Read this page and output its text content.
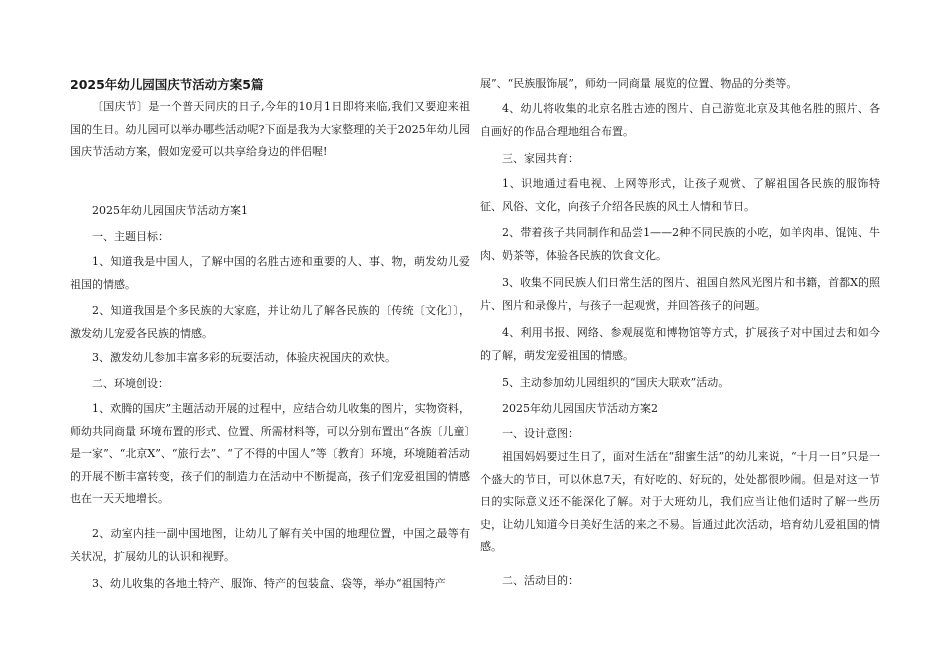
2025年幼儿园国庆节活动方案5篇

〔国庆节〕是一个普天同庆的日子,今年的10月1日即将来临,我们又要迎来祖国的生日。幼儿园可以举办哪些活动呢?下面是我为大家整理的关于2025年幼儿园国庆节活动方案，假如宠爱可以共享给身边的伴侣喔!

2025年幼儿园国庆节活动方案1

一、主题目标：

1、知道我是中国人，了解中国的名胜古迹和重要的人、事、物，萌发幼儿爱祖国的情感。

2、知道我国是个多民族的大家庭，并让幼儿了解各民族的〔传统〔文化〕〕，激发幼儿宠爱各民族的情感。

3、激发幼儿参加丰富多彩的玩耍活动，体验庆祝国庆的欢快。

二、环境创设：

1、欢腾的国庆”主题活动开展的过程中，应结合幼儿收集的图片，实物资料，师幼共同商量 环境布置的形式、位置、所需材料等，可以分别布置出“各族〔儿童〕是一家”、“北京X”、“旅行去”、“了不得的中国人”等〔教育〕环境，环境随着活动的开展不断丰富转变，孩子们的制造力在活动中不断提高，孩子们宠爱祖国的情感也在一天天地增长。

2、动室内挂一副中国地图，让幼儿了解有关中国的地理位置，中国之最等有关状况，扩展幼儿的认识和视野。

3、幼儿收集的各地土特产、服饰、特产的包装盒、袋等，举办“祖国特产

展”、“民族服饰展”，师幼一同商量 展览的位置、物品的分类等。

4、幼儿将收集的北京名胜古迹的图片、自己游览北京及其他名胜的照片、各自画好的作品合理地组合布置。

三、家园共育：

1、识地通过看电视、上网等形式，让孩子观赏、了解祖国各民族的服饰特征、风俗、文化，向孩子介绍各民族的风土人情和节日。

2、带着孩子共同制作和品尝1——2种不同民族的小吃，如羊肉串、馄饨、牛肉、奶茶等，体验各民族的饮食文化。

3、收集不同民族人们日常生活的图片、祖国自然风光图片和书籍，首都X的照片、图片和录像片，与孩子一起观赏，并回答孩子的问题。

4、利用书报、网络、参观展览和博物馆等方式，扩展孩子对中国过去和如今的了解，萌发宠爱祖国的情感。

5、主动参加幼儿园组织的“国庆大联欢”活动。

2025年幼儿园国庆节活动方案2

一、设计意图：

祖国妈妈要过生日了，面对生活在“甜蜜生活”的幼儿来说，“十月一日”只是一个盛大的节日，可以休息7天，有好吃的、好玩的，处处都很吵闹。但是对这一节日的实际意义还不能深化了解。对于大班幼儿，我们应当让他们适时了解一些历史，让幼儿知道今日美好生活的来之不易。旨通过此次活动，培育幼儿爱祖国的情感。

二、活动目的：
